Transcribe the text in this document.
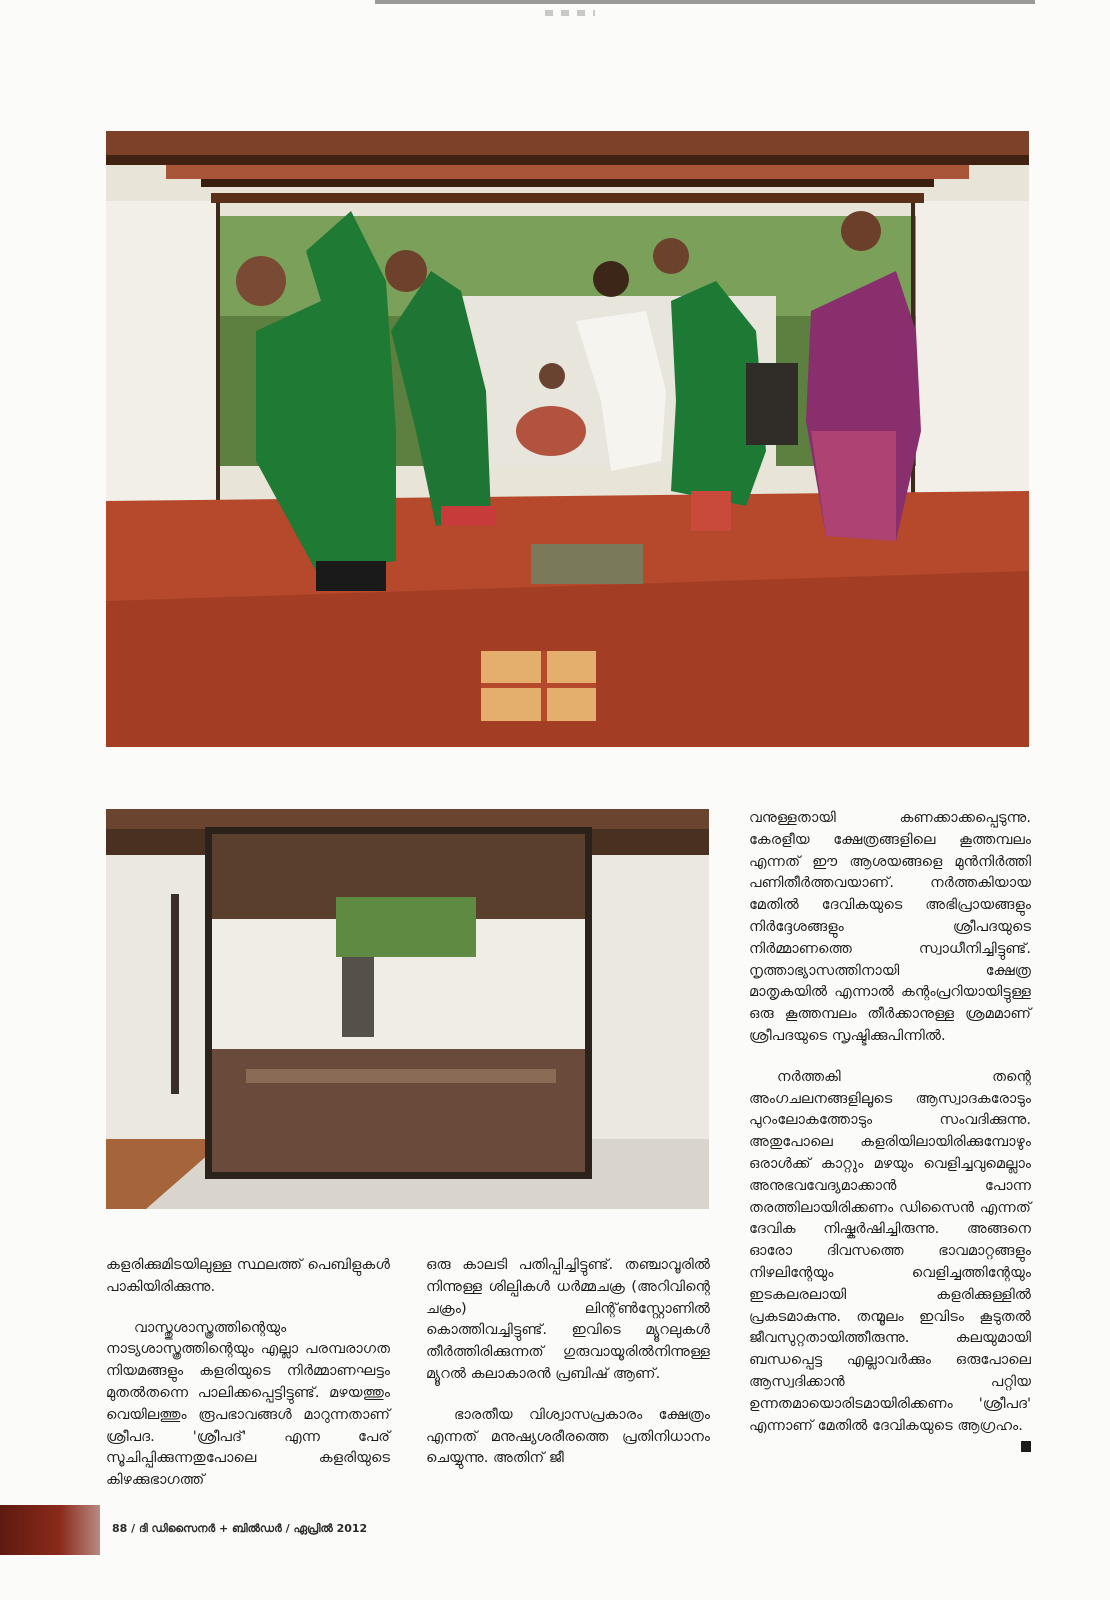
വനുള്ളതായി കണക്കാക്കപ്പെടുന്നു. കേരളീയ ക്ഷേത്രങ്ങളിലെ കൂത്തമ്പലം എന്നത് ഈ ആശയങ്ങളെ മുൻനിർത്തി പണിതീർത്തവയാണ്. നർത്തകിയായ മേതിൽ ദേവികയുടെ അഭിപ്രായങ്ങളും നിർദ്ദേശങ്ങളും ശ്രീപദയുടെ നിർമ്മാണത്തെ സ്വാധീനിച്ചിട്ടുണ്ട്. നൃത്താഭ്യാസത്തിനായി ക്ഷേത്ര മാതൃകയിൽ എന്നാൽ കന്റംപ്രറിയായിട്ടുള്ള ഒരു കൂത്തമ്പലം തീർക്കാനുള്ള ശ്രമമാണ് ശ്രീപദയുടെ സൃഷ്ടിക്കുപിന്നിൽ.

നർത്തകി തന്റെ അംഗചലനങ്ങളിലൂടെ ആസ്വാദകരോടും പുറംലോകത്തോടും സംവദിക്കുന്നു. അതുപോലെ കളരിയിലായിരിക്കുമ്പോഴും ഒരാൾക്ക് കാറ്റും മഴയും വെളിച്ചവുമെല്ലാം അനുഭവവേദ്യമാക്കാൻ പോന്ന തരത്തിലായിരിക്കണം ഡിസൈൻ എന്നത് ദേവിക നിഷ്കർഷിച്ചിരുന്നു. അങ്ങനെ ഓരോ ദിവസത്തെ ഭാവമാറ്റങ്ങളും നിഴലിന്റേയും വെളിച്ചത്തിന്റേയും ഇടകലരലായി കളരിക്കുള്ളിൽ പ്രകടമാകുന്നു. തന്മൂലം ഇവിടം കൂടുതൽ ജീവസുറ്റതായിത്തീരുന്നു. കലയുമായി ബന്ധപ്പെട്ട എല്ലാവർക്കും ഒരുപോലെ ആസ്വദിക്കാൻ പറ്റിയ ഉന്നതമായൊരിടമായിരിക്കണം 'ശ്രീപദ' എന്നാണ് മേതിൽ ദേവികയുടെ ആഗ്രഹം.

കളരിക്കുമിടയിലുള്ള സ്ഥലത്ത് പെബിളുകൾ പാകിയിരിക്കുന്നു.

വാസ്തുശാസ്ത്രത്തിന്റെയും നാട്യശാസ്ത്രത്തിന്റെയും എല്ലാ പരമ്പരാഗത നിയമങ്ങളും കളരിയുടെ നിർമ്മാണഘട്ടം മുതൽതന്നെ പാലിക്കപ്പെട്ടിട്ടുണ്ട്. മഴയത്തും വെയിലത്തും രൂപഭാവങ്ങൾ മാറുന്നതാണ് ശ്രീപദ. 'ശ്രീപദ്' എന്ന പേര് സൂചിപ്പിക്കുന്നതുപോലെ കളരിയുടെ കിഴക്കുഭാഗത്ത്

ഒരു കാലടി പതിപ്പിച്ചിട്ടുണ്ട്. തഞ്ചാവൂരിൽ നിന്നുള്ള ശില്പികൾ ധർമ്മചക്ര (അറിവിന്റെ ചക്രം) ലിന്റ്ൺസ്റ്റോണിൽ കൊത്തിവച്ചിട്ടുണ്ട്. ഇവിടെ മ്യൂറലുകൾ തീർത്തിരിക്കുന്നത് ഗുരുവായൂരിൽനിന്നുള്ള മ്യൂറൽ കലാകാരൻ പ്രബിഷ് ആണ്.

ഭാരതീയ വിശ്വാസപ്രകാരം ക്ഷേത്രം എന്നത് മനുഷ്യശരീരത്തെ പ്രതിനിധാനം ചെയ്യുന്നു. അതിന് ജീ

88 / ദി ഡിസൈനർ + ബിൽഡർ / ഏപ്രിൽ 2012
